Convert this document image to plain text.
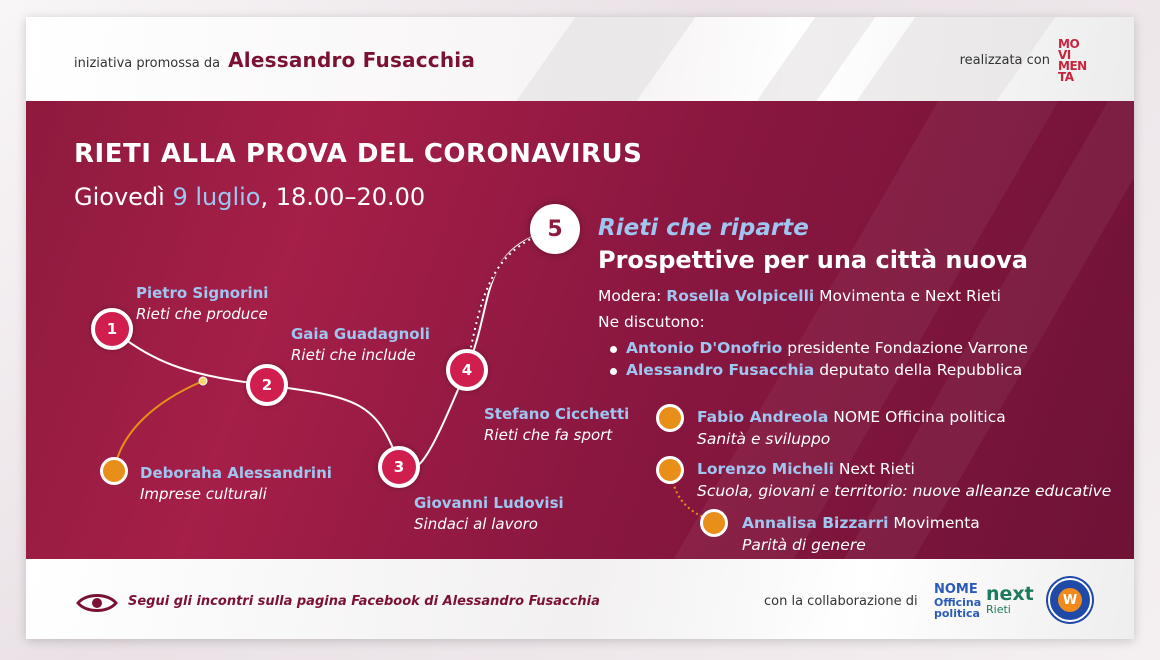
iniziativa promossa da Alessandro Fusacchia	realizzata con
MO
VI
MEN
TA
RIETI ALLA PROVA DEL CORONAVIRUS
Giovedì 9 luglio, 18.00–20.00
1
2
3
4
5
Pietro Signorini
Rieti che produce
Gaia Guadagnoli
Rieti che include
Giovanni Ludovisi
Sindaci al lavoro
Stefano Cicchetti
Rieti che fa sport
Deboraha Alessandrini
Imprese culturali
Rieti che riparte
Prospettive per una città nuova
Modera: Rosella Volpicelli Movimenta e Next Rieti
Ne discutono:
Antonio D'Onofrio presidente Fondazione Varrone
Alessandro Fusacchia deputato della Repubblica
Fabio Andreola NOME Officina politica
Sanità e sviluppo
Lorenzo Micheli Next Rieti
Scuola, giovani e territorio: nuove alleanze educative
Annalisa Bizzarri Movimenta
Parità di genere
Segui gli incontri sulla pagina Facebook di Alessandro Fusacchia	con la collaborazione di
NOME
Officina
politica
next
Rieti
W
